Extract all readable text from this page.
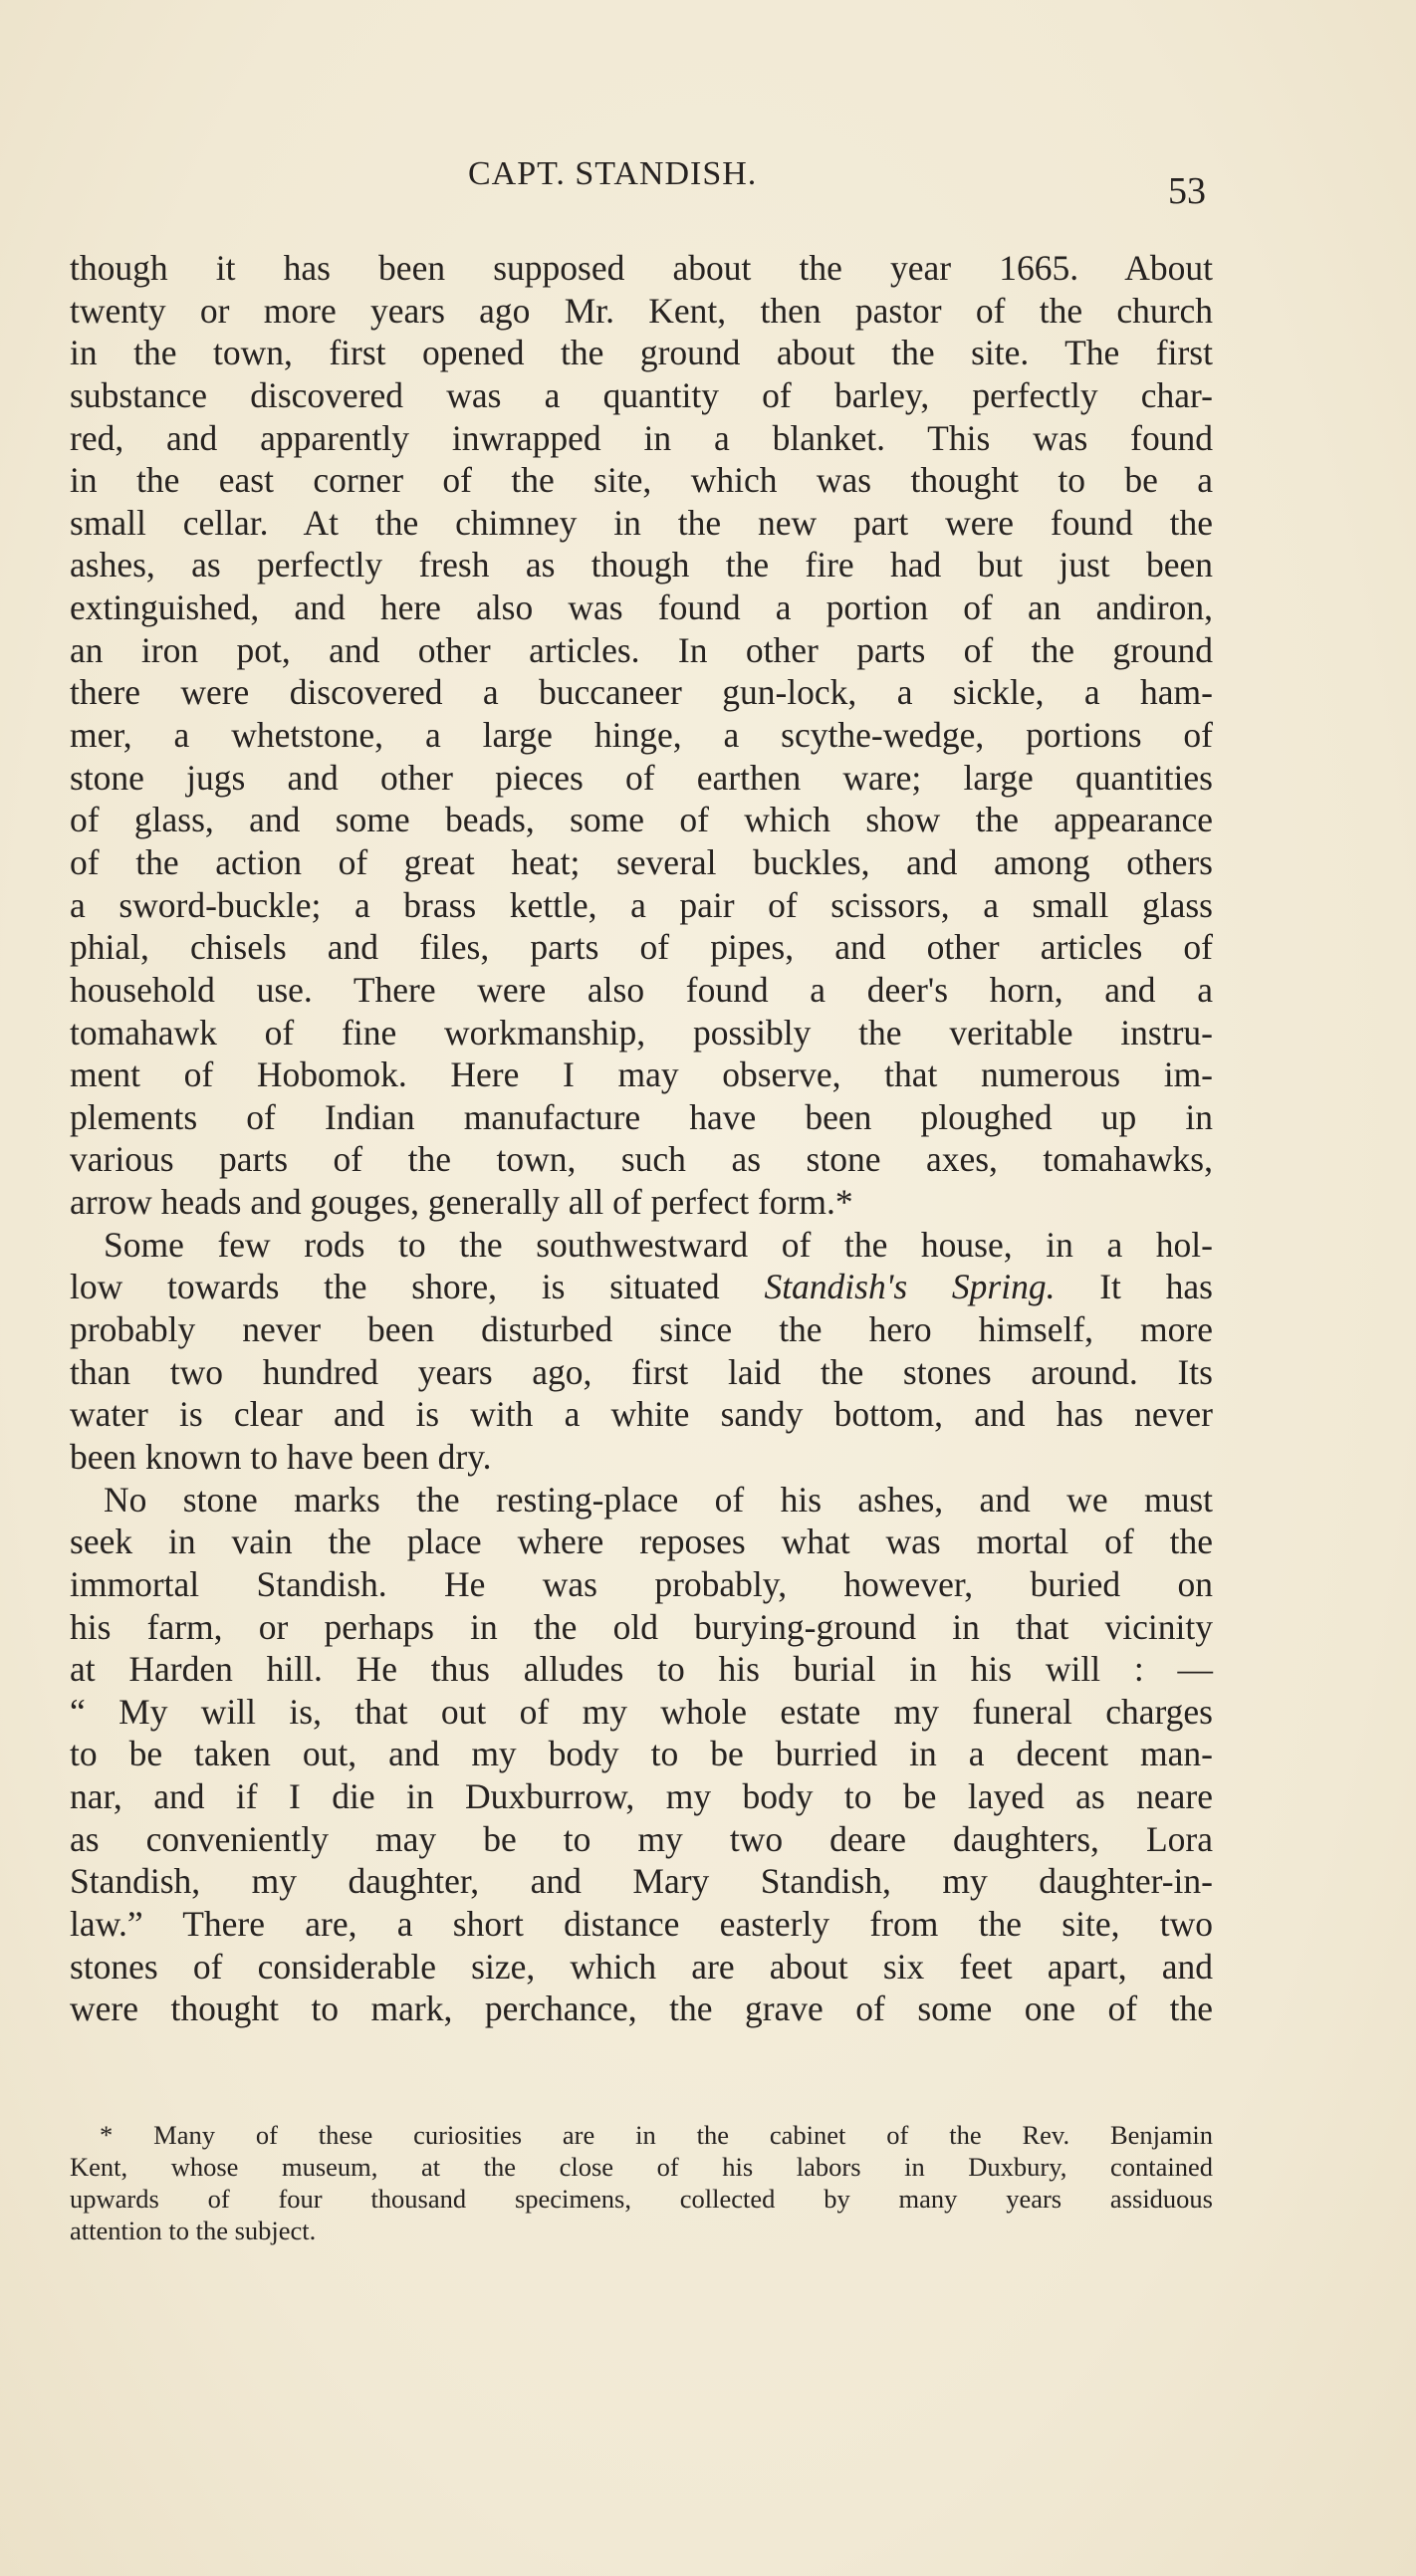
CAPT. STANDISH.	53
though it has been supposed about the year 1665. About
twenty or more years ago Mr. Kent, then pastor of the church
in the town, first opened the ground about the site. The first
substance discovered was a quantity of barley, perfectly char-
red, and apparently inwrapped in a blanket. This was found
in the east corner of the site, which was thought to be a
small cellar. At the chimney in the new part were found the
ashes, as perfectly fresh as though the fire had but just been
extinguished, and here also was found a portion of an andiron,
an iron pot, and other articles. In other parts of the ground
there were discovered a buccaneer gun-lock, a sickle, a ham-
mer, a whetstone, a large hinge, a scythe-wedge, portions of
stone jugs and other pieces of earthen ware; large quantities
of glass, and some beads, some of which show the appearance
of the action of great heat; several buckles, and among others
a sword-buckle; a brass kettle, a pair of scissors, a small glass
phial, chisels and files, parts of pipes, and other articles of
household use. There were also found a deer's horn, and a
tomahawk of fine workmanship, possibly the veritable instru-
ment of Hobomok. Here I may observe, that numerous im-
plements of Indian manufacture have been ploughed up in
various parts of the town, such as stone axes, tomahawks,
arrow heads and gouges, generally all of perfect form.*
Some few rods to the southwestward of the house, in a hol-
low towards the shore, is situated Standish's Spring. It has
probably never been disturbed since the hero himself, more
than two hundred years ago, first laid the stones around. Its
water is clear and is with a white sandy bottom, and has never
been known to have been dry.
No stone marks the resting-place of his ashes, and we must
seek in vain the place where reposes what was mortal of the
immortal Standish. He was probably, however, buried on
his farm, or perhaps in the old burying-ground in that vicinity
at Harden hill. He thus alludes to his burial in his will : —
“ My will is, that out of my whole estate my funeral charges
to be taken out, and my body to be burried in a decent man-
nar, and if I die in Duxburrow, my body to be layed as neare
as conveniently may be to my two deare daughters, Lora
Standish, my daughter, and Mary Standish, my daughter-in-
law.” There are, a short distance easterly from the site, two
stones of considerable size, which are about six feet apart, and
were thought to mark, perchance, the grave of some one of the
* Many of these curiosities are in the cabinet of the Rev. Benjamin
Kent, whose museum, at the close of his labors in Duxbury, contained
upwards of four thousand specimens, collected by many years assiduous
attention to the subject.
